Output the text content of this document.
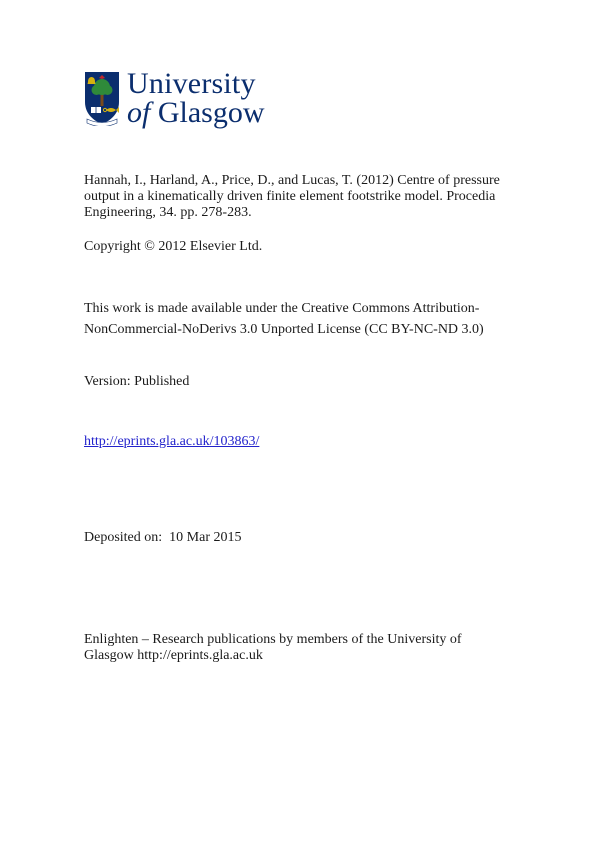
University
of Glasgow
Hannah, I., Harland, A., Price, D., and Lucas, T. (2012) Centre of pressure output in a kinematically driven finite element footstrike model. Procedia Engineering, 34. pp. 278-283.
Copyright © 2012 Elsevier Ltd.
This work is made available under the Creative Commons Attribution-
NonCommercial-NoDerivs 3.0 Unported License (CC BY-NC-ND 3.0)
Version: Published
http://eprints.gla.ac.uk/103863/
Deposited on:  10 Mar 2015
Enlighten – Research publications by members of the University of Glasgow http://eprints.gla.ac.uk
